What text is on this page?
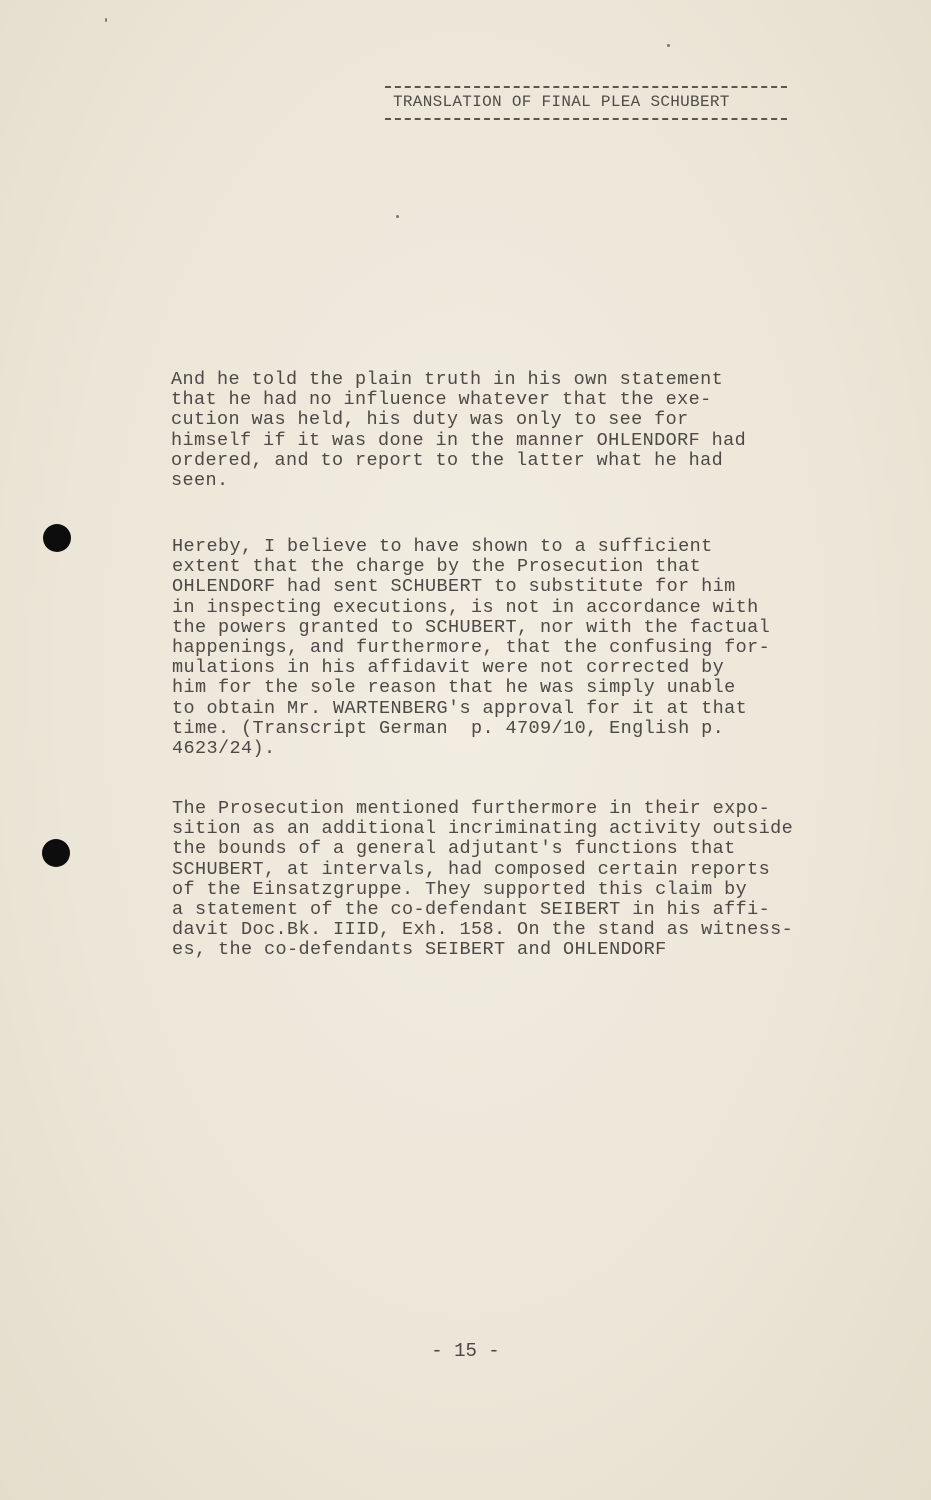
TRANSLATION OF FINAL PLEA SCHUBERT
And he told the plain truth in his own statement
that he had no influence whatever that the exe-
cution was held, his duty was only to see for
himself if it was done in the manner OHLENDORF had
ordered, and to report to the latter what he had
seen.
Hereby, I believe to have shown to a sufficient
extent that the charge by the Prosecution that
OHLENDORF had sent SCHUBERT to substitute for him
in inspecting executions, is not in accordance with
the powers granted to SCHUBERT, nor with the factual
happenings, and furthermore, that the confusing for-
mulations in his affidavit were not corrected by
him for the sole reason that he was simply unable
to obtain Mr. WARTENBERG's approval for it at that
time. (Transcript German  p. 4709/10, English p.
4623/24).
The Prosecution mentioned furthermore in their expo-
sition as an additional incriminating activity outside
the bounds of a general adjutant's functions that
SCHUBERT, at intervals, had composed certain reports
of the Einsatzgruppe. They supported this claim by
a statement of the co-defendant SEIBERT in his affi-
davit Doc.Bk. IIID, Exh. 158. On the stand as witness-
es, the co-defendants SEIBERT and OHLENDORF
- 15 -
